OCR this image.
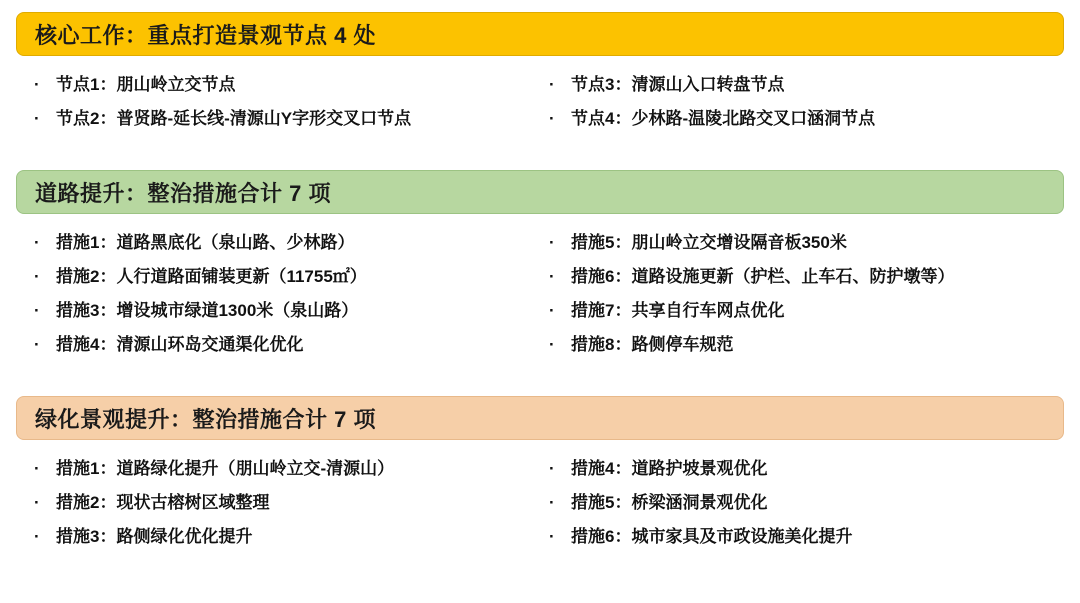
核心工作：重点打造景观节点 4 处
· 节点1：朋山岭立交节点	· 节点3：清源山入口转盘节点
· 节点2：普贤路-延长线-清源山Y字形交叉口节点	· 节点4：少林路-温陵北路交叉口涵洞节点
道路提升：整治措施合计 7 项
· 措施1：道路黑底化（泉山路、少林路）	· 措施5：朋山岭立交增设隔音板350米
· 措施2：人行道路面铺装更新（11755㎡）	· 措施6：道路设施更新（护栏、止车石、防护墩等）
· 措施3：增设城市绿道1300米（泉山路）	· 措施7：共享自行车网点优化
· 措施4：清源山环岛交通渠化优化	· 措施8：路侧停车规范
绿化景观提升：整治措施合计 7 项
· 措施1：道路绿化提升（朋山岭立交-清源山）	· 措施4：道路护坡景观优化
· 措施2：现状古榕树区域整理	· 措施5：桥梁涵洞景观优化
· 措施3：路侧绿化优化提升	· 措施6：城市家具及市政设施美化提升
